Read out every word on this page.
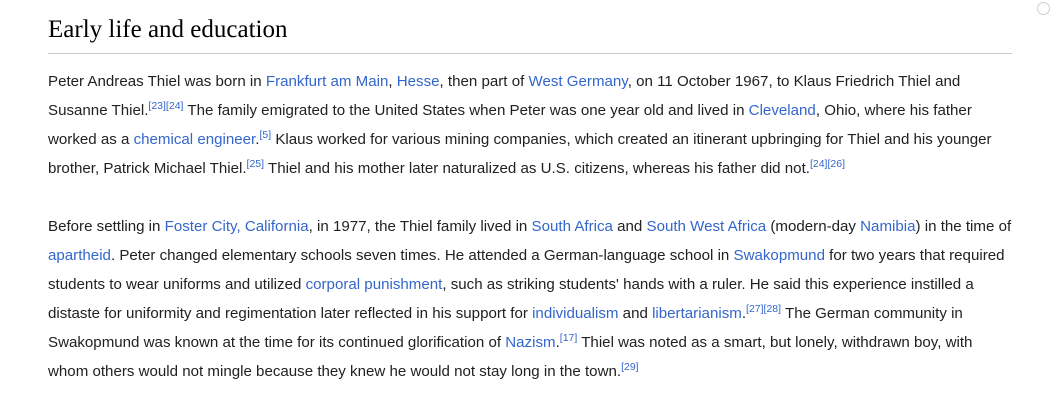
Early life and education

Peter Andreas Thiel was born in Frankfurt am Main, Hesse, then part of West Germany, on 11 October 1967, to Klaus Friedrich Thiel and Susanne Thiel.[23][24] The family emigrated to the United States when Peter was one year old and lived in Cleveland, Ohio, where his father worked as a chemical engineer.[5] Klaus worked for various mining companies, which created an itinerant upbringing for Thiel and his younger brother, Patrick Michael Thiel.[25] Thiel and his mother later naturalized as U.S. citizens, whereas his father did not.[24][26]

Before settling in Foster City, California, in 1977, the Thiel family lived in South Africa and South West Africa (modern-day Namibia) in the time of apartheid. Peter changed elementary schools seven times. He attended a German-language school in Swakopmund for two years that required students to wear uniforms and utilized corporal punishment, such as striking students' hands with a ruler. He said this experience instilled a distaste for uniformity and regimentation later reflected in his support for individualism and libertarianism.[27][28] The German community in Swakopmund was known at the time for its continued glorification of Nazism.[17] Thiel was noted as a smart, but lonely, withdrawn boy, with whom others would not mingle because they knew he would not stay long in the town.[29]
